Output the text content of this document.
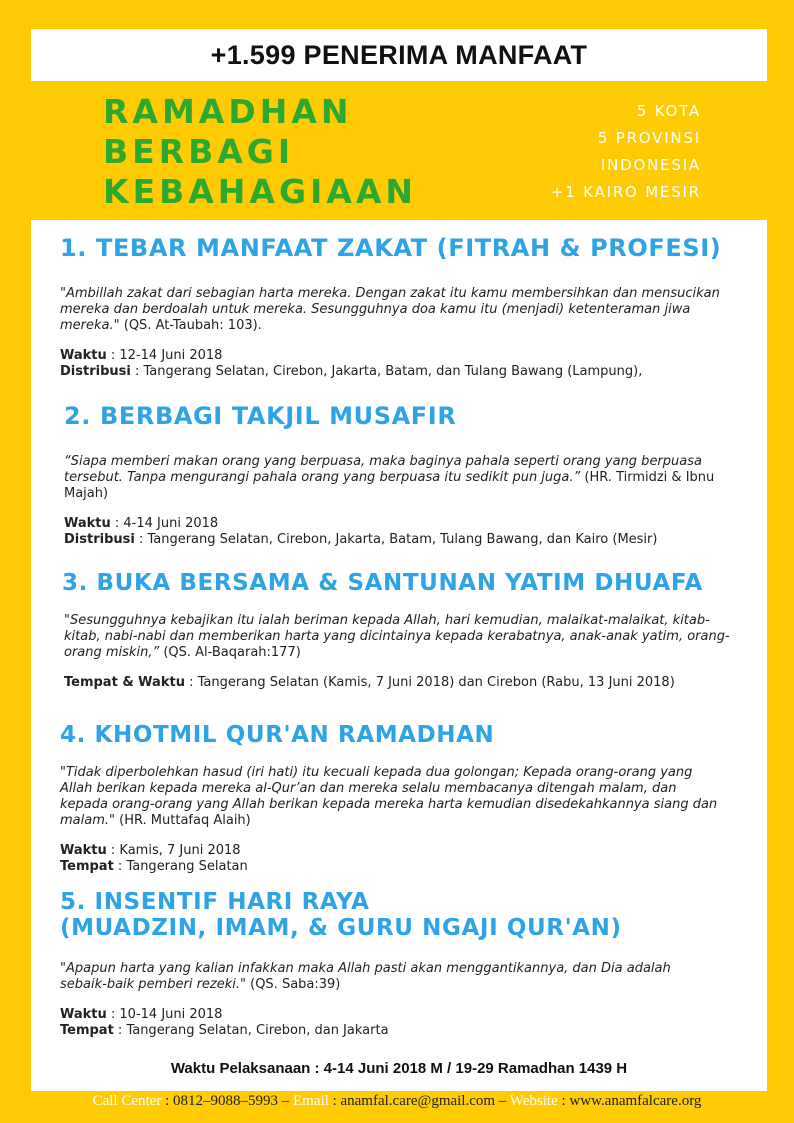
+1.599 PENERIMA MANFAAT
RAMADHAN
BERBAGI
KEBAHAGIAAN
5 KOTA
5 PROVINSI
INDONESIA
+1 KAIRO MESIR
1. TEBAR MANFAAT ZAKAT (FITRAH & PROFESI)

"Ambillah zakat dari sebagian harta mereka. Dengan zakat itu kamu membersihkan dan mensucikan mereka dan berdoalah untuk mereka. Sesungguhnya doa kamu itu (menjadi) ketenteraman jiwa mereka." (QS. At-Taubah: 103).

Waktu : 12-14 Juni 2018
Distribusi : Tangerang Selatan, Cirebon, Jakarta, Batam, dan Tulang Bawang (Lampung),
2. BERBAGI TAKJIL MUSAFIR

“Siapa memberi makan orang yang berpuasa, maka baginya pahala seperti orang yang berpuasa tersebut. Tanpa mengurangi pahala orang yang berpuasa itu sedikit pun juga.” (HR. Tirmidzi & Ibnu Majah)

Waktu : 4-14 Juni 2018
Distribusi : Tangerang Selatan, Cirebon, Jakarta, Batam, Tulang Bawang, dan Kairo (Mesir)
3. BUKA BERSAMA & SANTUNAN YATIM DHUAFA

"Sesungguhnya kebajikan itu ialah beriman kepada Allah, hari kemudian, malaikat-malaikat, kitab-kitab, nabi-nabi dan memberikan harta yang dicintainya kepada kerabatnya, anak-anak yatim, orang-orang miskin,” (QS. Al-Baqarah:177)

Tempat & Waktu : Tangerang Selatan (Kamis, 7 Juni 2018) dan Cirebon (Rabu, 13 Juni 2018)
4. KHOTMIL QUR'AN RAMADHAN

"Tidak diperbolehkan hasud (iri hati) itu kecuali kepada dua golongan; Kepada orang-orang yang Allah berikan kepada mereka al-Qur’an dan mereka selalu membacanya ditengah malam, dan kepada orang-orang yang Allah berikan kepada mereka harta kemudian disedekahkannya siang dan malam." (HR. Muttafaq Alaih)

Waktu : Kamis, 7 Juni 2018
Tempat : Tangerang Selatan
5. INSENTIF HARI RAYA
(MUADZIN, IMAM, & GURU NGAJI QUR'AN)

"Apapun harta yang kalian infakkan maka Allah pasti akan menggantikannya, dan Dia adalah sebaik-baik pemberi rezeki." (QS. Saba:39)

Waktu : 10-14 Juni 2018
Tempat : Tangerang Selatan, Cirebon, dan Jakarta
Waktu Pelaksanaan : 4-14 Juni 2018 M / 19-29 Ramadhan 1439 H
Call Center : 0812–9088–5993 – Email : anamfal.care@gmail.com – Website : www.anamfalcare.org
